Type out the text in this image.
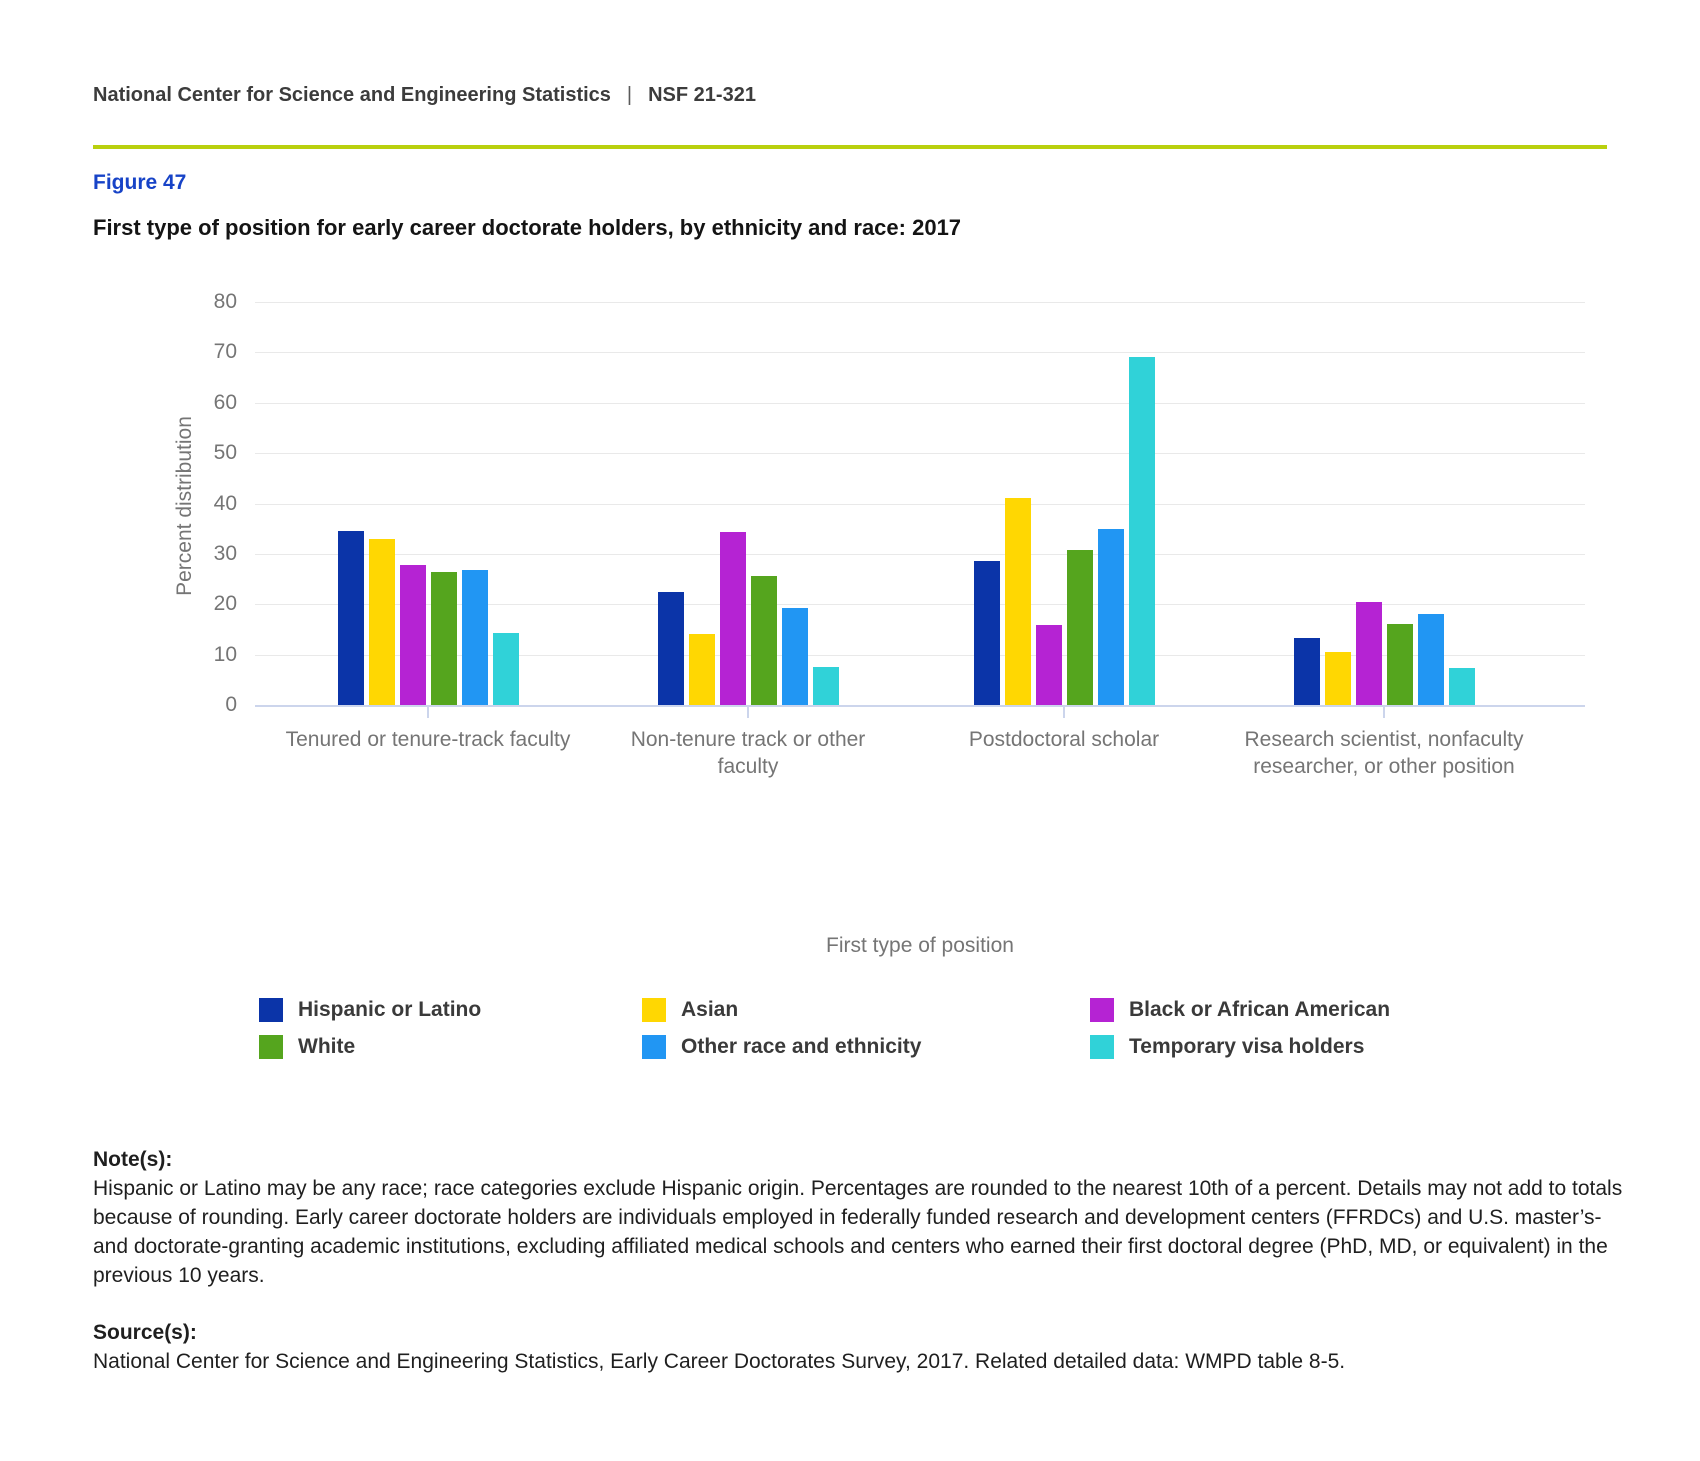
National Center for Science and Engineering Statistics | NSF 21-321
Figure 47
First type of position for early career doctorate holders, by ethnicity and race: 2017
Percent distribution
0
10
20
30
40
50
60
70
80
Tenured or tenure-track faculty	Non-tenure track or other faculty
Postdoctoral scholar	Research scientist, nonfaculty researcher, or other position
First type of position
Hispanic or Latino	Asian	Black or African American
White	Other race and ethnicity	Temporary visa holders
Note(s):
Hispanic or Latino may be any race; race categories exclude Hispanic origin. Percentages are rounded to the nearest 10th of a percent. Details may not add to totals because of rounding. Early career doctorate holders are individuals employed in federally funded research and development centers (FFRDCs) and U.S. master’s- and doctorate-granting academic institutions, excluding affiliated medical schools and centers who earned their first doctoral degree (PhD, MD, or equivalent) in the previous 10 years.
Source(s):
National Center for Science and Engineering Statistics, Early Career Doctorates Survey, 2017. Related detailed data: WMPD table 8-5.
